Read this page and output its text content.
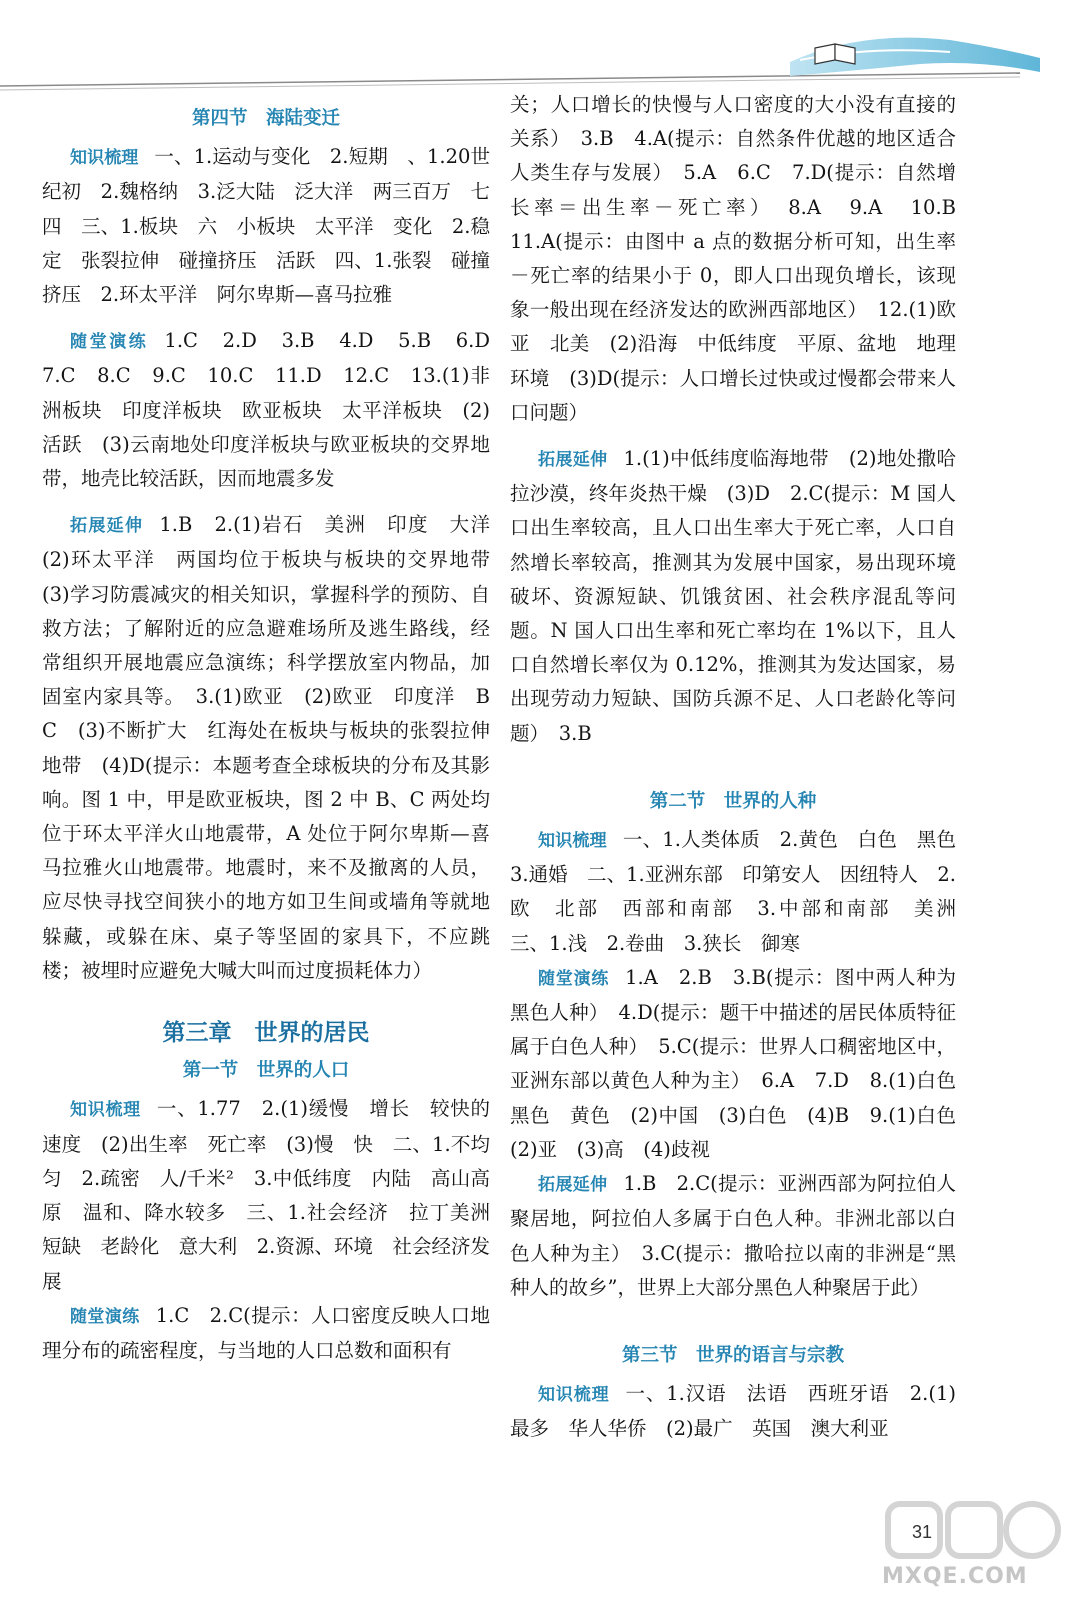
第四节　海陆变迁

知识梳理 一、1.运动与变化　2.短期　、1.20世纪初　2.魏格纳　3.泛大陆　泛大洋　两三百万　七　四　三、1.板块　六　小板块　太平洋　变化　2.稳定　张裂拉伸　碰撞挤压　活跃　四、1.张裂　碰撞挤压　2.环太平洋　阿尔卑斯—喜马拉雅

随堂演练 1.C　2.D　3.B　4.D　5.B　6.D　7.C　8.C　9.C　10.C　11.D　12.C　13.(1)非洲板块　印度洋板块　欧亚板块　太平洋板块　(2)活跃　(3)云南地处印度洋板块与欧亚板块的交界地带，地壳比较活跃，因而地震多发

拓展延伸 1.B　2.(1)岩石　美洲　印度　大洋　(2)环太平洋　两国均位于板块与板块的交界地带　(3)学习防震减灾的相关知识，掌握科学的预防、自救方法；了解附近的应急避难场所及逃生路线，经常组织开展地震应急演练；科学摆放室内物品，加固室内家具等。　3.(1)欧亚　(2)欧亚　印度洋　B　C　(3)不断扩大　红海处在板块与板块的张裂拉伸地带　(4)D(提示：本题考查全球板块的分布及其影响。图 1 中，甲是欧亚板块，图 2 中 B、C 两处均位于环太平洋火山地震带，A 处位于阿尔卑斯—喜马拉雅火山地震带。地震时，来不及撤离的人员，应尽快寻找空间狭小的地方如卫生间或墙角等就地躲藏，或躲在床、桌子等坚固的家具下，不应跳楼；被埋时应避免大喊大叫而过度损耗体力）

第三章　世界的居民

第一节　世界的人口

知识梳理 一、1.77　2.(1)缓慢　增长　较快的速度　(2)出生率　死亡率　(3)慢　快　二、1.不均匀　2.疏密　人/千米²　3.中低纬度　内陆　高山高原　温和、降水较多　三、1.社会经济　拉丁美洲　短缺　老龄化　意大利　2.资源、环境　社会经济发展

随堂演练 1.C　2.C(提示：人口密度反映人口地理分布的疏密程度，与当地的人口总数和面积有

关；人口增长的快慢与人口密度的大小没有直接的关系）　3.B　4.A(提示：自然条件优越的地区适合人类生存与发展）　5.A　6.C　7.D(提示：自然增长率＝出生率－死亡率）　8.A　9.A　10.B　11.A(提示：由图中 a 点的数据分析可知，出生率－死亡率的结果小于 0，即人口出现负增长，该现象一般出现在经济发达的欧洲西部地区）　12.(1)欧　亚　北美　(2)沿海　中低纬度　平原、盆地　地理环境　(3)D(提示：人口增长过快或过慢都会带来人口问题）

拓展延伸 1.(1)中低纬度临海地带　(2)地处撒哈拉沙漠，终年炎热干燥　(3)D　2.C(提示：M 国人口出生率较高，且人口出生率大于死亡率，人口自然增长率较高，推测其为发展中国家，易出现环境破坏、资源短缺、饥饿贫困、社会秩序混乱等问题。N 国人口出生率和死亡率均在 1%以下，且人口自然增长率仅为 0.12%，推测其为发达国家，易出现劳动力短缺、国防兵源不足、人口老龄化等问题）　3.B

第二节　世界的人种

知识梳理 一、1.人类体质　2.黄色　白色　黑色　3.通婚　二、1.亚洲东部　印第安人　因纽特人　2.欧　北部　西部和南部　3.中部和南部　美洲　三、1.浅　2.卷曲　3.狭长　御寒

随堂演练 1.A　2.B　3.B(提示：图中两人种为黑色人种）　4.D(提示：题干中描述的居民体质特征属于白色人种）　5.C(提示：世界人口稠密地区中，亚洲东部以黄色人种为主）　6.A　7.D　8.(1)白色　黑色　黄色　(2)中国　(3)白色　(4)B　9.(1)白色　(2)亚　(3)高　(4)歧视

拓展延伸 1.B　2.C(提示：亚洲西部为阿拉伯人聚居地，阿拉伯人多属于白色人种。非洲北部以白色人种为主）　3.C(提示：撒哈拉以南的非洲是“黑种人的故乡”，世界上大部分黑色人种聚居于此）

第三节　世界的语言与宗教

知识梳理 一、1.汉语　法语　西班牙语　2.(1)最多　华人华侨　(2)最广　英国　澳大利亚

31
MXQE.COM
